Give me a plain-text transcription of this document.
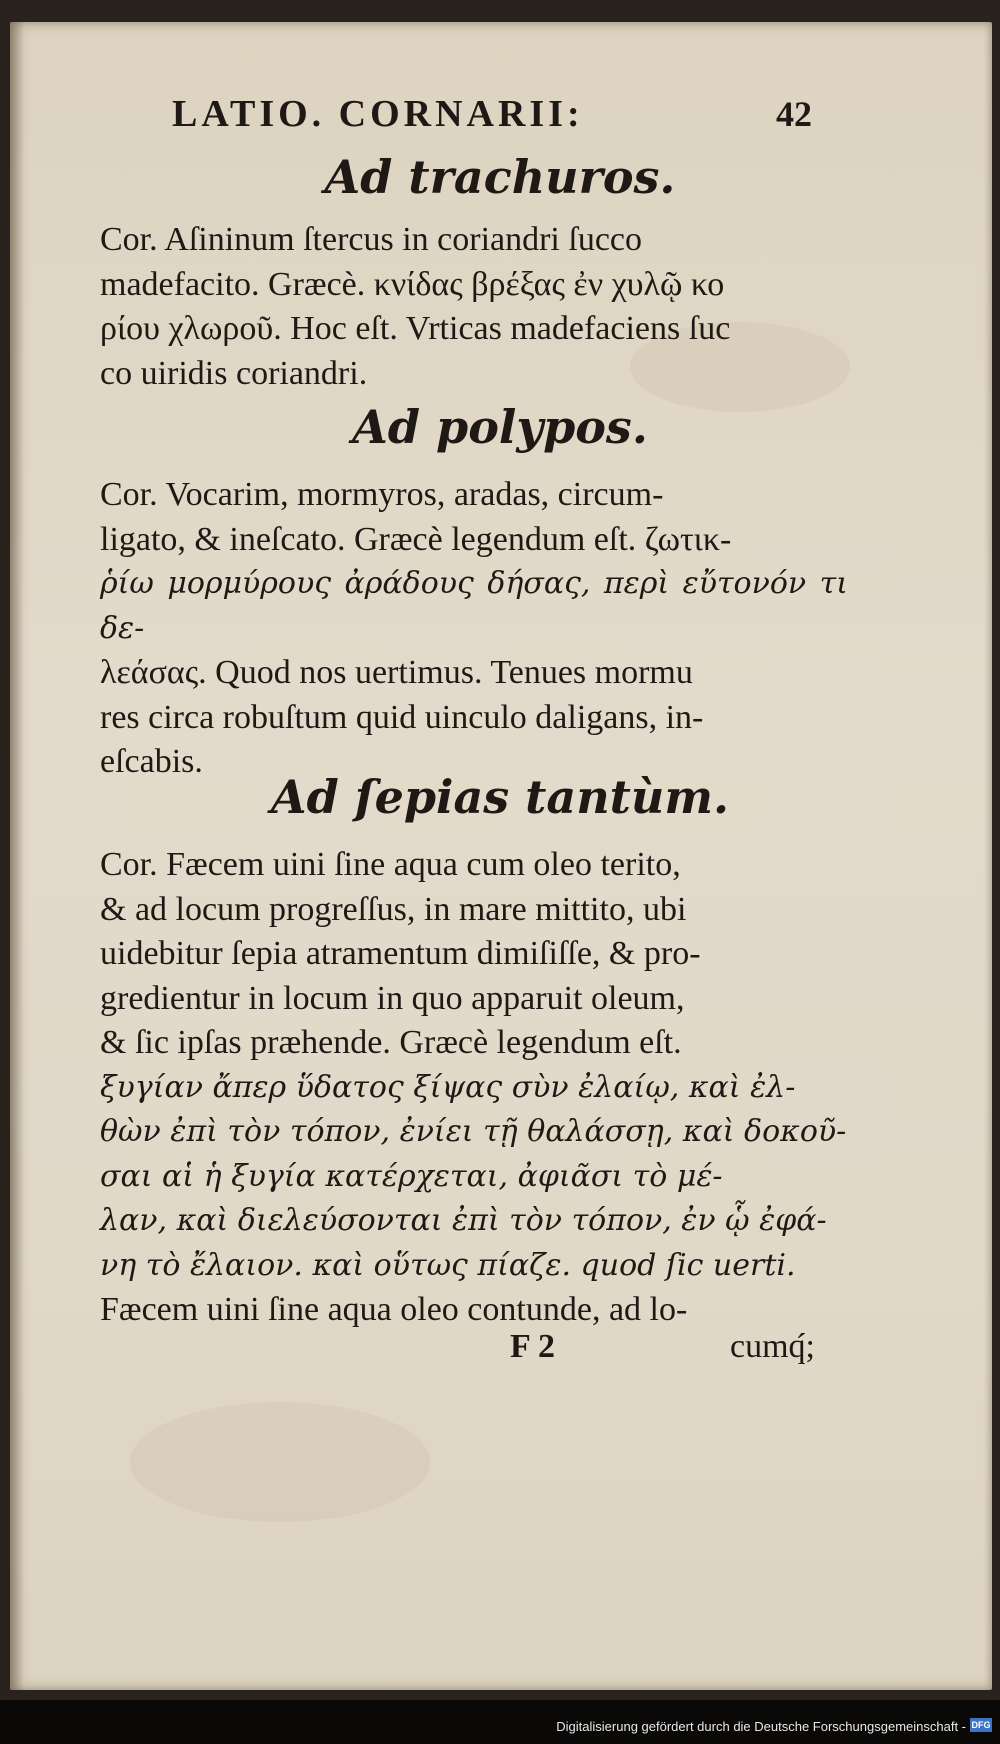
LATIO. CORNARII:	42
Ad trachuros.

Cor. Aſininum ſtercus in coriandri ſucco

madefacito. Græcè. κνίδας βρέξας ἐν χυλῷ κο

ρίου χλωροῦ. Hoc eſt. Vrticas madefaciens ſuc

co uiridis coriandri.

Ad polypos.

Cor. Vocarim, mormyros, aradas, circum-

ligato, & ineſcato. Græcè legendum eſt. ζωτικ-

ῥίω μορμύρους ἀράδους δήσας, περὶ εὔτονόν τι δε-

λεάσας. Quod nos uertimus. Tenues mormu

res circa robuſtum quid uinculo daligans, in-

eſcabis.

Ad ſepias tantùm.

Cor. Fæcem uini ſine aqua cum oleo terito,

& ad locum progreſſus, in mare mittito, ubi

uidebitur ſepia atramentum dimiſiſſe, & pro-

gredientur in locum in quo apparuit oleum,

& ſic ipſas præhende. Græcè legendum eſt.

ξυγίαν ἄπερ ὕδατος ξίψας σὺν ἐλαίῳ, καὶ ἐλ-

θὼν ἐπὶ τὸν τόπον, ἐνίει τῇ θαλάσσῃ, καὶ δοκοῦ-

σαι αἱ ἡ ξυγία κατέρχεται, ἀφιᾶσι τὸ μέ-

λαν, καὶ διελεύσονται ἐπὶ τὸν τόπον, ἐν ᾧ ἐφά-

νη τὸ ἔλαιον. καὶ οὕτως πίαζε. quod ſic uerti.

Fæcem uini ſine aqua oleo contunde, ad lo-

F 2	cumq́;
Digitalisierung gefördert durch die Deutsche Forschungsgemeinschaft - DFG
